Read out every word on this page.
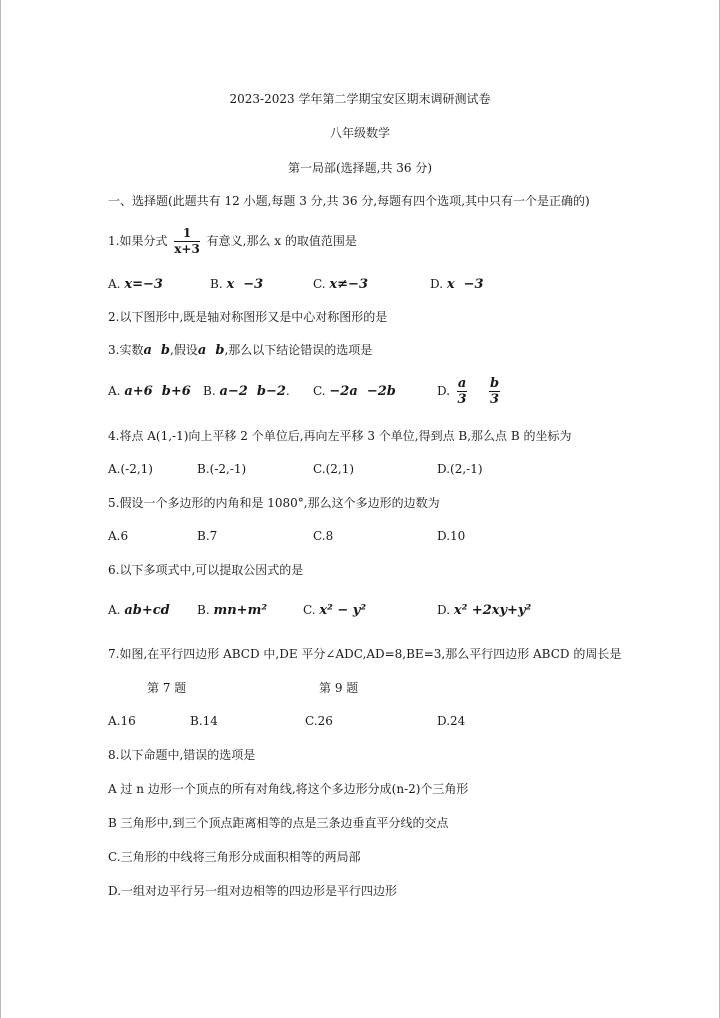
2023-2023 学年第二学期宝安区期末调研测试卷
八年级数学
第一局部(选择题,共 36 分)
一、选择题(此题共有 12 小题,每题 3 分,共 36 分,每题有四个选项,其中只有一个是正确的)
1.如果分式 $\frac{1}{x+3}$ 有意义,那么 x 的取值范围是
A. x=−3	B. x  −3	C. x≠−3	D. x  −3
2.以下图形中,既是轴对称图形又是中心对称图形的是
3.实数a  b,假设a  b,那么以下结论错误的选项是
A. a+6  b+6 B. a−2  b−2. C. −2a  −2b	D. $\frac{a}{3}$
$\frac{b}{3}$
4.将点 A(1,-1)向上平移 2 个单位后,再向左平移 3 个单位,得到点 B,那么点 B 的坐标为
A.(-2,1)	B.(-2,-1)	C.(2,1)	D.(2,-1)
5.假设一个多边形的内角和是 1080°,那么这个多边形的边数为
A.6	B.7	C.8	D.10
6.以下多项式中,可以提取公因式的是
A. ab+cd B. mn+m²	C. x² − y²	D. x² +2xy+y²
7.如图,在平行四边形 ABCD 中,DE 平分∠ADC,AD=8,BE=3,那么平行四边形 ABCD 的周长是
第 7 题	第 9 题
A.16	B.14	C.26	D.24
8.以下命题中,错误的选项是
A 过 n 边形一个顶点的所有对角线,将这个多边形分成(n-2)个三角形
B 三角形中,到三个顶点距离相等的点是三条边垂直平分线的交点
C.三角形的中线将三角形分成面积相等的两局部
D.一组对边平行另一组对边相等的四边形是平行四边形
